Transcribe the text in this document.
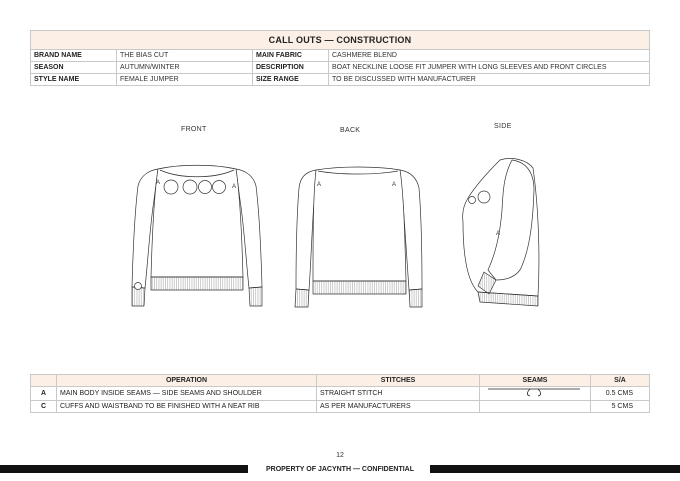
CALL OUTS — CONSTRUCTION			
BRAND NAME	THE BIAS CUT	MAIN FABRIC	CASHMERE BLEND
SEASON	AUTUMN/WINTER	DESCRIPTION	BOAT NECKLINE LOOSE FIT JUMPER WITH LONG SLEEVES AND FRONT CIRCLES
STYLE NAME	FEMALE JUMPER	SIZE RANGE	TO BE DISCUSSED WITH MANUFACTURER
FRONT	BACK
SIDE
A
A	A	A
A
	OPERATION	STITCHES	SEAMS	S/A
A	MAIN BODY INSIDE SEAMS — SIDE SEAMS AND SHOULDER	STRAIGHT STITCH		0.5 CMS
C	CUFFS AND WAISTBAND TO BE FINISHED WITH A NEAT RIB	AS PER MANUFACTURERS		5 CMS
12
PROPERTY OF JACYNTH — CONFIDENTIAL
